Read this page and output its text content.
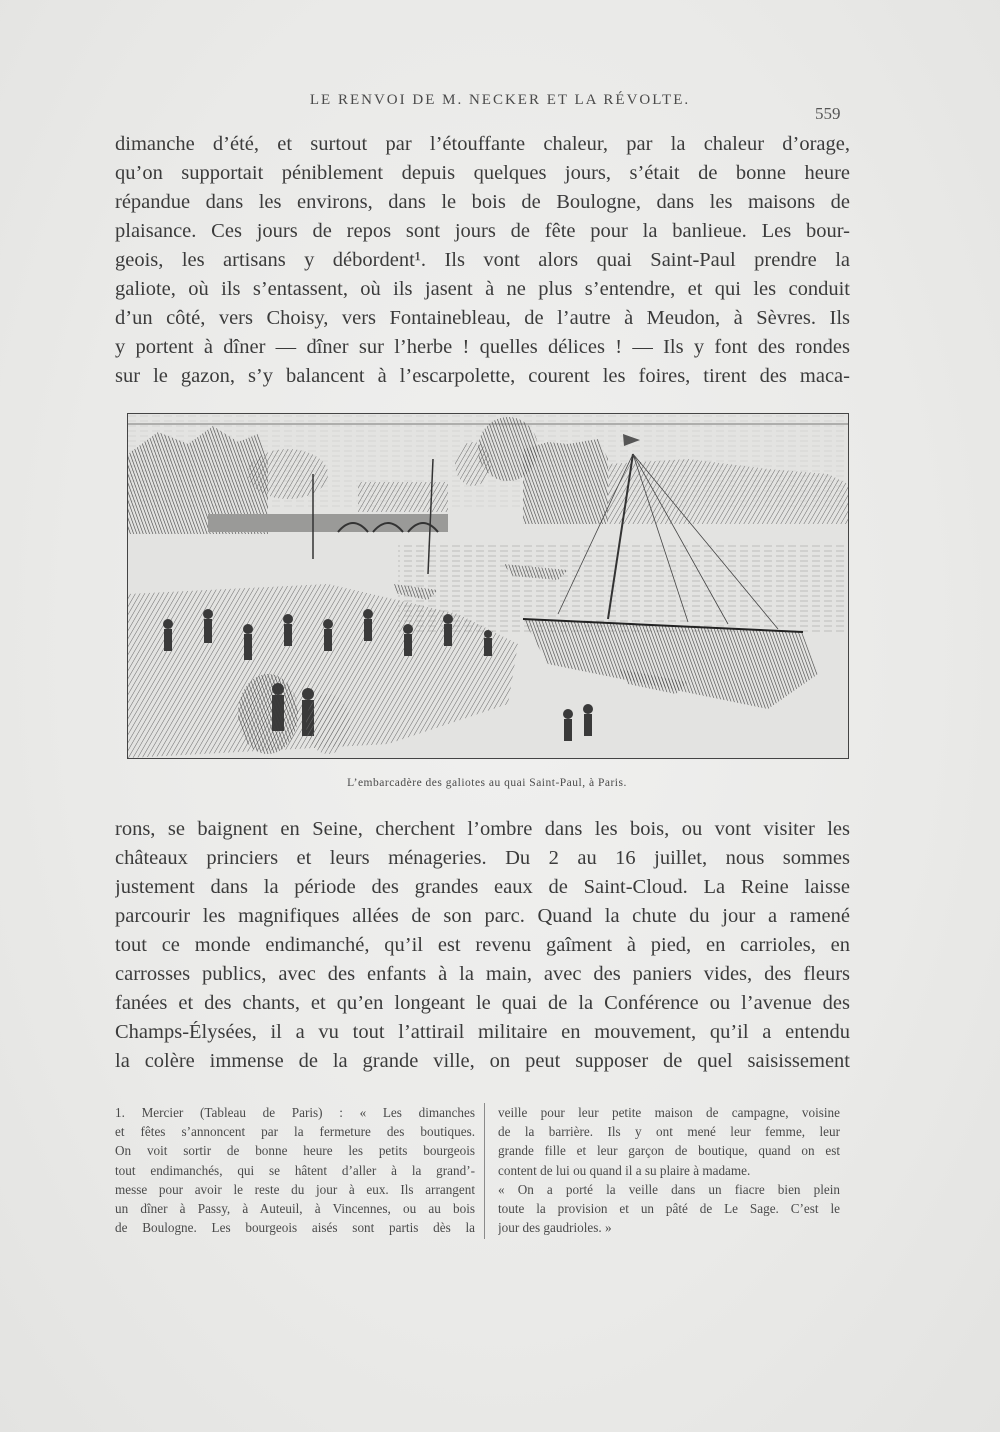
LE RENVOI DE M. NECKER ET LA RÉVOLTE.
559
dimanche d’été, et surtout par l’étouffante chaleur, par la chaleur d’orage,
qu’on supportait péniblement depuis quelques jours, s’était de bonne heure
répandue dans les environs, dans le bois de Boulogne, dans les maisons de
plaisance. Ces jours de repos sont jours de fête pour la banlieue. Les bour-
geois, les artisans y débordent¹. Ils vont alors quai Saint-Paul prendre la
galiote, où ils s’entassent, où ils jasent à ne plus s’entendre, et qui les conduit
d’un côté, vers Choisy, vers Fontainebleau, de l’autre à Meudon, à Sèvres. Ils
y portent à dîner — dîner sur l’herbe ! quelles délices ! — Ils y font des rondes
sur le gazon, s’y balancent à l’escarpolette, courent les foires, tirent des maca-
L’embarcadère des galiotes au quai Saint-Paul, à Paris.
rons, se baignent en Seine, cherchent l’ombre dans les bois, ou vont visiter les
châteaux princiers et leurs ménageries. Du 2 au 16 juillet, nous sommes
justement dans la période des grandes eaux de Saint-Cloud. La Reine laisse
parcourir les magnifiques allées de son parc. Quand la chute du jour a ramené
tout ce monde endimanché, qu’il est revenu gaîment à pied, en carrioles, en
carrosses publics, avec des enfants à la main, avec des paniers vides, des fleurs
fanées et des chants, et qu’en longeant le quai de la Conférence ou l’avenue des
Champs-Élysées, il a vu tout l’attirail militaire en mouvement, qu’il a entendu
la colère immense de la grande ville, on peut supposer de quel saisissement
1. Mercier (Tableau de Paris) : « Les dimanches
et fêtes s’annoncent par la fermeture des boutiques.
On voit sortir de bonne heure les petits bourgeois
tout endimanchés, qui se hâtent d’aller à la grand’-
messe pour avoir le reste du jour à eux. Ils arrangent
un dîner à Passy, à Auteuil, à Vincennes, ou au bois
de Boulogne. Les bourgeois aisés sont partis dès la
veille pour leur petite maison de campagne, voisine
de la barrière. Ils y ont mené leur femme, leur
grande fille et leur garçon de boutique, quand on est
content de lui ou quand il a su plaire à madame.
« On a porté la veille dans un fiacre bien plein
toute la provision et un pâté de Le Sage. C’est le
jour des gaudrioles. »
